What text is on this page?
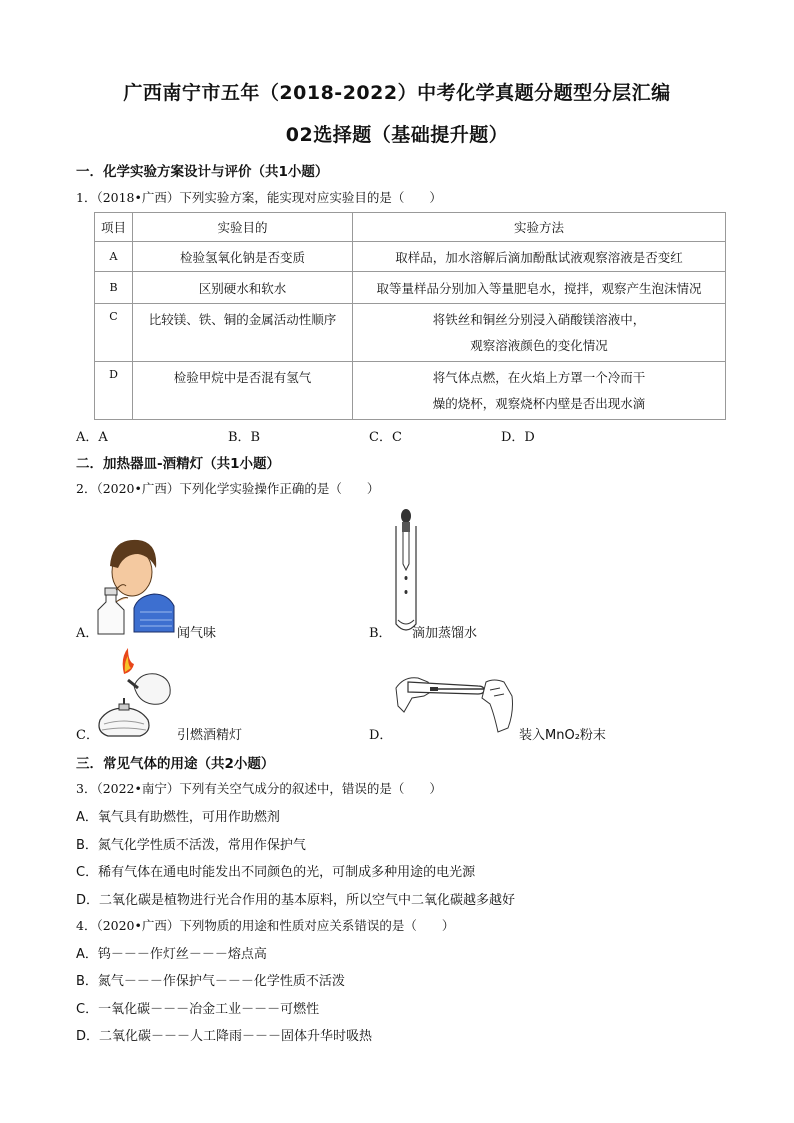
广西南宁市五年（2018-2022）中考化学真题分题型分层汇编
02选择题（基础提升题）
一．化学实验方案设计与评价（共1小题）
1．（2018•广西）下列实验方案，能实现对应实验目的是（　　）
项目	实验目的	实验方法
A	检验氢氧化钠是否变质	取样品，加水溶解后滴加酚酞试液观察溶液是否变红
B	区别硬水和软水	取等量样品分别加入等量肥皂水，搅拌，观察产生泡沫情况
C	比较镁、铁、铜的金属活动性顺序	将铁丝和铜丝分别浸入硝酸镁溶液中，
观察溶液颜色的变化情况

D	检验甲烷中是否混有氢气	将气体点燃，在火焰上方罩一个冷而干
燥的烧杯，观察烧杯内壁是否出现水滴
A．A	B．B	C．C	D．D
二．加热器皿-酒精灯（共1小题）
2．（2020•广西）下列化学实验操作正确的是（　　）
A．	闻气味	B． 滴加蒸馏水
C．	引燃酒精灯	D．	装入MnO₂粉末
三．常见气体的用途（共2小题）
3．（2022•南宁）下列有关空气成分的叙述中，错误的是（　　）
A．氧气具有助燃性，可用作助燃剂
B．氮气化学性质不活泼，常用作保护气
C．稀有气体在通电时能发出不同颜色的光，可制成多种用途的电光源
D．二氧化碳是植物进行光合作用的基本原料，所以空气中二氧化碳越多越好
4．（2020•广西）下列物质的用途和性质对应关系错误的是（　　）
A．钨－－－作灯丝－－－熔点高
B．氮气－－－作保护气－－－化学性质不活泼
C．一氧化碳－－－冶金工业－－－可燃性
D．二氧化碳－－－人工降雨－－－固体升华时吸热
